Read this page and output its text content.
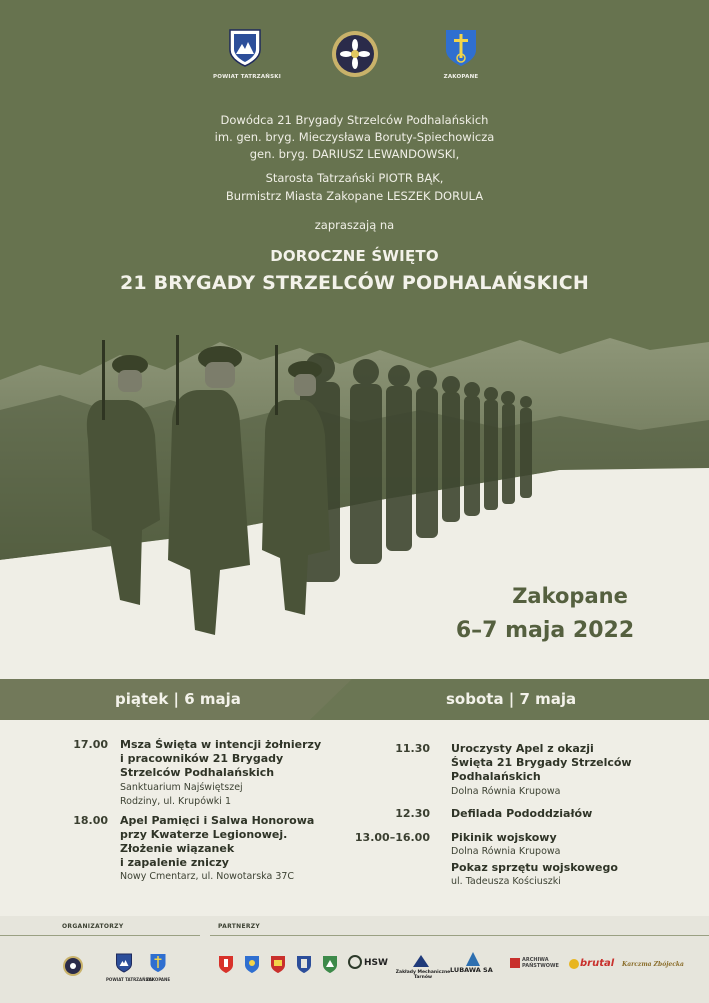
POWIAT TATRZAŃSKI	ZAKOPANE
Dowódca 21 Brygady Strzelców Podhalańskich
im. gen. bryg. Mieczysława Boruty-Spiechowicza
gen. bryg. DARIUSZ LEWANDOWSKI,
Starosta Tatrzański PIOTR BĄK,
Burmistrz Miasta Zakopane LESZEK DORULA
zapraszają na
DOROCZNE ŚWIĘTO
21 BRYGADY STRZELCÓW PODHALAŃSKICH
Zakopane
6–7 maja 2022
piątek | 6 maja	sobota | 7 maja
17.00 Msza Święta w intencji żołnierzy
i pracowników 21 Brygady
Strzelców Podhalańskich
Sanktuarium Najświętszej
Rodziny, ul. Krupówki 1
18.00 Apel Pamięci i Salwa Honorowa
przy Kwaterze Legionowej.
Złożenie wiązanek
i zapalenie zniczy
Nowy Cmentarz, ul. Nowotarska 37C
11.30 Uroczysty Apel z okazji
Święta 21 Brygady Strzelców
Podhalańskich
Dolna Równia Krupowa
12.30 Defilada Pododdziałów
13.00–16.00 Pikinik wojskowy
Dolna Równia Krupowa
Pokaz sprzętu wojskowego
ul. Tadeusza Kościuszki
ORGANIZATORZY	PARTNERZY
POWIAT TATRZAŃSKI
ZAKOPANE
HSW
Zakłady Mechaniczne Tarnów
LUBAWA SA
ARCHIWA PAŃSTWOWE	brutal Karczma Zbójecka
